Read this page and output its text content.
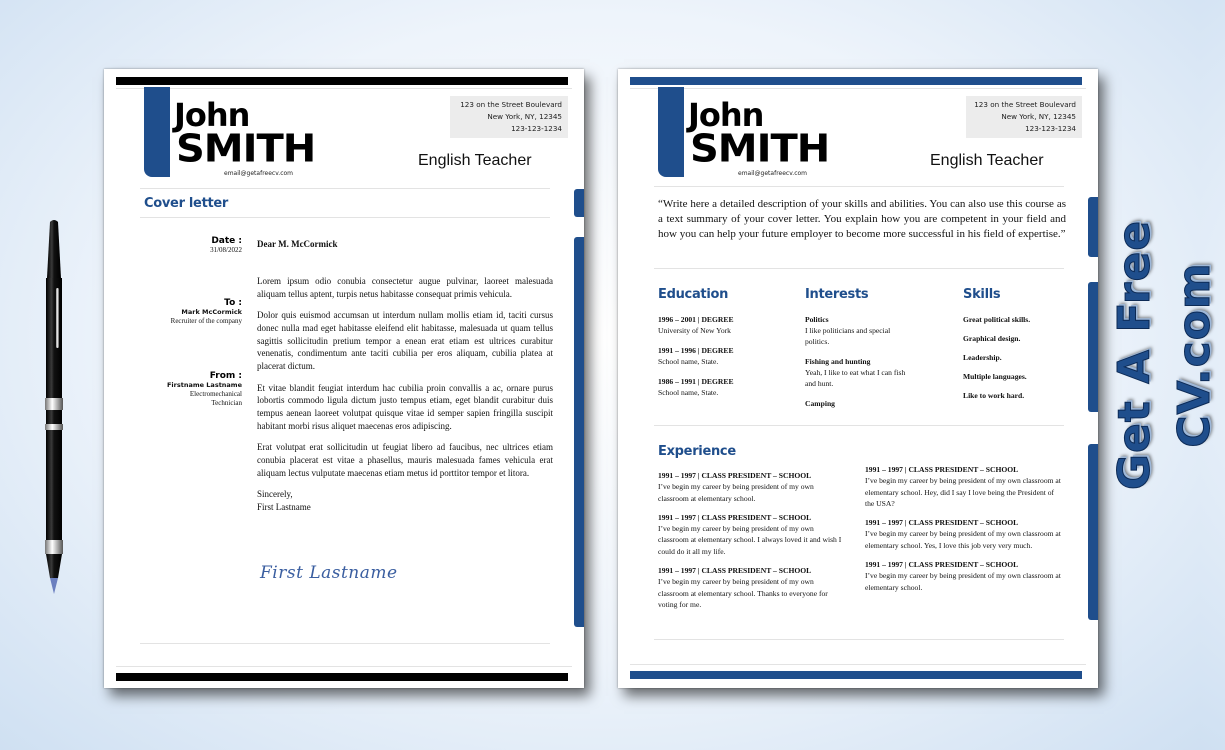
John
SMITH
email@getafreecv.com
123 on the Street Boulevard
New York, NY, 12345
123-123-1234
English Teacher
Cover letter
Date :
31/08/2022
To :
Mark McCormick
Recruiter of the company
From :
Firstname Lastname
Electromechanical
Technician

Dear M. McCormick

Lorem ipsum odio conubia consectetur augue pulvinar, laoreet malesuada aliquam tellus aptent, turpis netus habitasse consequat primis vehicula.

Dolor quis euismod accumsan ut interdum nullam mollis etiam id, taciti cursus donec nulla mad eget habitasse eleifend elit habitasse, malesuada ut quam tellus sagittis sollicitudin pretium tempor a enean erat etiam est ultrices curabitur venenatis, condimentum ante taciti cubilia per eros aliquam, cubilia platea at placerat dictum.

Et vitae blandit feugiat interdum hac cubilia proin convallis a ac, ornare purus lobortis commodo ligula dictum justo tempus etiam, eget blandit curabitur duis tempus aenean laoreet volutpat quisque vitae id semper sapien fringilla suscipit habitant morbi risus aliquet maecenas eros adipiscing.

Erat volutpat erat sollicitudin ut feugiat libero ad faucibus, nec ultrices etiam conubia placerat est vitae a phasellus, mauris malesuada fames vehicula erat aliquam lectus vulputate maecenas etiam metus id porttitor tempor et litora.

Sincerely,
First Lastname
First Lastname
John
SMITH
email@getafreecv.com
123 on the Street Boulevard
New York, NY, 12345
123-123-1234
English Teacher
“Write here a detailed description of your skills and abilities. You can also use this course as a text summary of your cover letter. You explain how you are competent in your field and how you can help your future employer to become more successful in his field of expertise.”
Education
1996 – 2001 | DEGREE
University of New York
1991 – 1996 | DEGREE
School name, State.
1986 – 1991 | DEGREE
School name, State.
Interests
Politics
I like politicians and special politics.
Fishing and hunting
Yeah, I like to eat what I can fish and hunt.
Camping
Skills
Great political skills.
Graphical design.
Leadership.
Multiple languages.
Like to work hard.
Experience
1991 – 1997 | CLASS PRESIDENT – SCHOOL
I’ve begin my career by being president of my own classroom at elementary school.
1991 – 1997 | CLASS PRESIDENT – SCHOOL
I’ve begin my career by being president of my own classroom at elementary school. I always loved it and wish I could do it all my life.
1991 – 1997 | CLASS PRESIDENT – SCHOOL
I’ve begin my career by being president of my own classroom at elementary school. Thanks to everyone for voting for me.
1991 – 1997 | CLASS PRESIDENT – SCHOOL
I’ve begin my career by being president of my own classroom at elementary school. Hey, did I say I love being the President of the USA?
1991 – 1997 | CLASS PRESIDENT – SCHOOL
I’ve begin my career by being president of my own classroom at elementary school. Yes, I love this job very very much.
1991 – 1997 | CLASS PRESIDENT – SCHOOL
I’ve begin my career by being president of my own classroom at elementary school.
Get A Free CV.com
